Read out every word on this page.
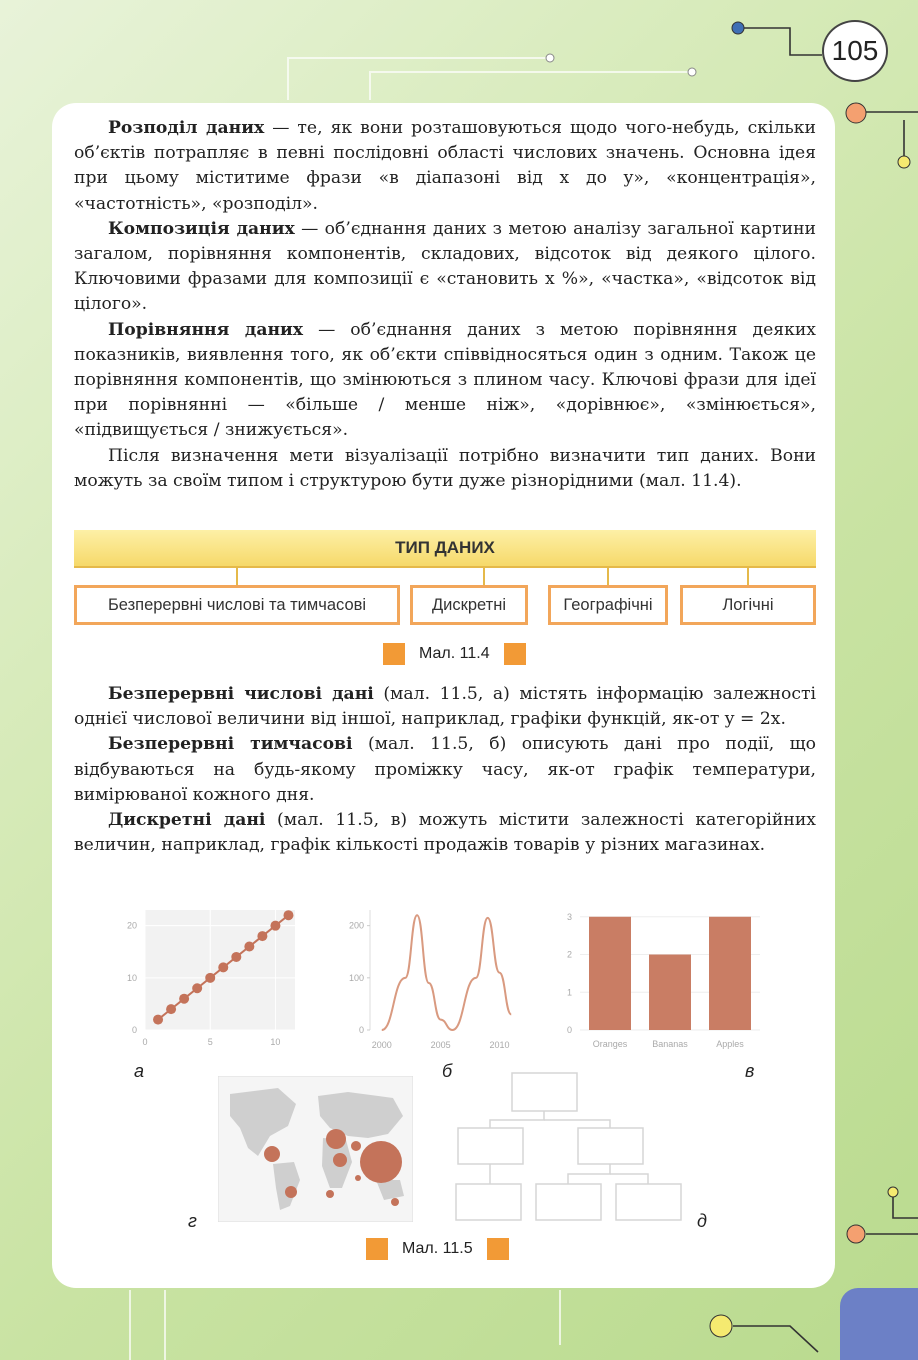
105

Розподіл даних — те, як вони розташовуються щодо чого-небудь, скільки об’єктів потрапляє в певні послідовні області числових значень. Основна ідея при цьому міститиме фрази «в діапазоні від x до y», «концентрація», «частотність», «розподіл».

Композиція даних — об’єднання даних з метою аналізу загальної картини загалом, порівняння компонентів, складових, відсоток від деякого цілого. Ключовими фразами для композиції є «становить x %», «частка», «відсоток від цілого».

Порівняння даних — об’єднання даних з метою порівняння деяких показників, виявлення того, як об’єкти співвідносяться один з одним. Також це порівняння компонентів, що змінюються з плином часу. Ключові фрази для ідеї при порівнянні — «більше / менше ніж», «дорівнює», «змінюється», «підвищується / знижується».

Після визначення мети візуалізації потрібно визначити тип даних. Вони можуть за своїм типом і структурою бути дуже різнорідними (мал. 11.4).

ТИП ДАНИХ
Безперервні числові та тимчасові	Дискретні	Географічні	Логічні
Мал. 11.4

Безперервні числові дані (мал. 11.5, а) містять інформацію залежності однієї числової величини від іншої, наприклад, графіки функцій, як-от y = 2x.

Безперервні тимчасові (мал. 11.5, б) описують дані про події, що відбуваються на будь-якому проміжку часу, як-от графік температури, вимірюваної кожного дня.

Дискретні дані (мал. 11.5, в) можуть містити залежності категорійних величин, наприклад, графік кількості продажів товарів у різних магазинах.

0
10
20
0	5	10
0
100
200
2000	2005	2010
0
1
2
3
Oranges	Bananas	Apples
а	б	в
г	д
Мал. 11.5
